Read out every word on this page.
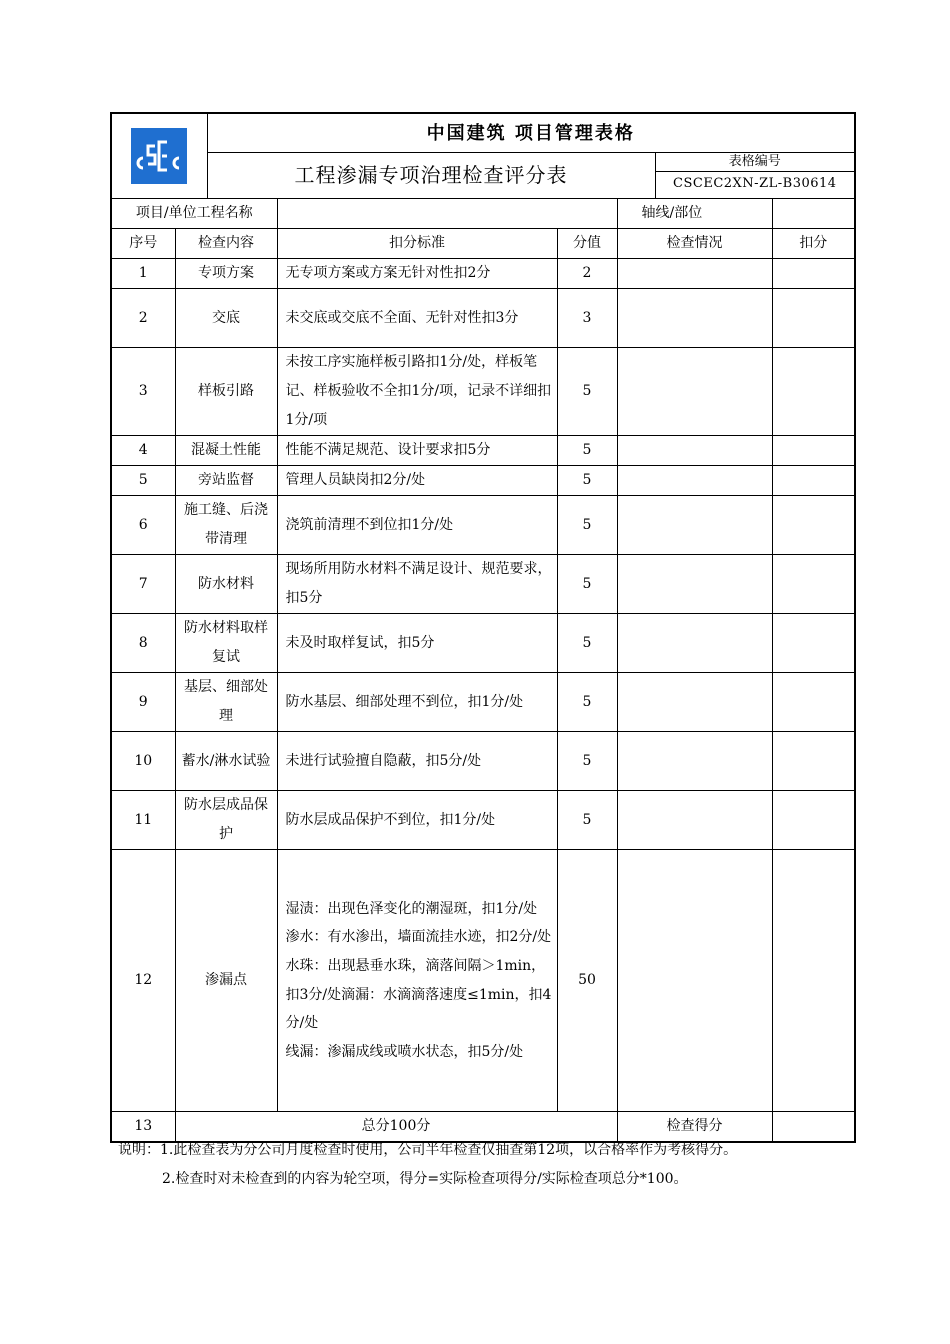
	中国建筑 项目管理表格					
		工程渗漏专项治理检查评分表				表格编号
CSCEC2XN-ZL-B30614	

项目/单位工程名称					轴线/部位		
序号	检查内容		扣分标准	分值	检查情况		扣分
1	专项方案		无专项方案或方案无针对性扣2分	2			
2	交底		未交底或交底不全面、无针对性扣3分	3			
3	样板引路		未按工序实施样板引路扣1分/处，样板笔记、样板验收不全扣1分/项，记录不详细扣1分/项	5			
4	混凝土性能		性能不满足规范、设计要求扣5分	5			
5	旁站监督		管理人员缺岗扣2分/处	5			
6	施工缝、后浇带清理		浇筑前清理不到位扣1分/处	5			
7	防水材料		现场所用防水材料不满足设计、规范要求，扣5分	5			
8	防水材料取样复试		未及时取样复试，扣5分	5			
9	基层、细部处理		防水基层、细部处理不到位，扣1分/处	5			
10	蓄水/淋水试验		未进行试验擅自隐蔽，扣5分/处	5			
11	防水层成品保护		防水层成品保护不到位，扣1分/处	5			
12	渗漏点		湿渍：出现色泽变化的潮湿斑，扣1分/处
渗水：有水渗出，墙面流挂水迹，扣2分/处
水珠：出现悬垂水珠，滴落间隔＞1min，扣3分/处滴漏：水滴滴落速度≤1min，扣4分/处
线漏：渗漏成线或喷水状态，扣5分/处	50			
13	总分100分				检查得分		
说明：1.此检查表为分公司月度检查时使用，公司半年检查仅抽查第12项，以合格率作为考核得分。
2.检查时对未检查到的内容为轮空项，得分=实际检查项得分/实际检查项总分*100。
